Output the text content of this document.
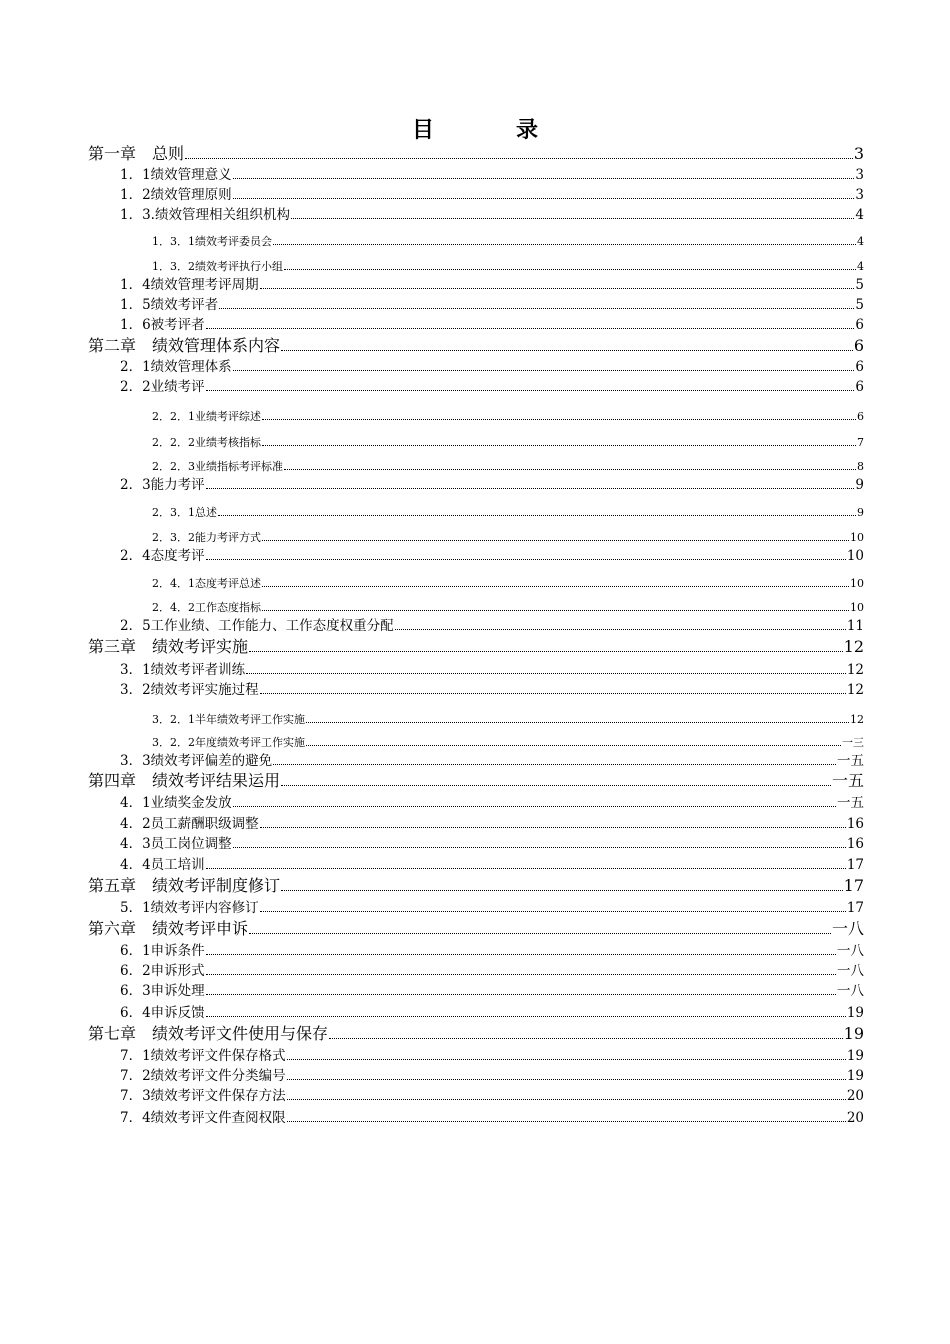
目　录
第一章　总则	3
1．1绩效管理意义	3
1．2绩效管理原则	3
1．3.绩效管理相关组织机构	4
1．3．1绩效考评委员会	4
1．3．2绩效考评执行小组	4
1．4绩效管理考评周期	5
1．5绩效考评者	5
1．6被考评者	6
第二章　绩效管理体系内容	6
2．1绩效管理体系	6
2．2业绩考评	6
2．2．1业绩考评综述	6
2．2．2业绩考核指标	7
2．2．3业绩指标考评标准	8
2．3能力考评	9
2．3．1总述	9
2．3．2能力考评方式	10
2．4态度考评	10
2．4．1态度考评总述	10
2．4．2工作态度指标	10
2．5工作业绩、工作能力、工作态度权重分配	11
第三章　绩效考评实施	12
3．1绩效考评者训练	12
3．2绩效考评实施过程	12
3．2．1半年绩效考评工作实施	12
3．2．2年度绩效考评工作实施	一三
3．3绩效考评偏差的避免	一五
第四章　绩效考评结果运用	一五
4．1业绩奖金发放	一五
4．2员工薪酬职级调整	16
4．3员工岗位调整	16
4．4员工培训	17
第五章　绩效考评制度修订	17
5．1绩效考评内容修订	17
第六章　绩效考评申诉	一八
6．1申诉条件	一八
6．2申诉形式	一八
6．3申诉处理	一八
6．4申诉反馈	19
第七章　绩效考评文件使用与保存	19
7．1绩效考评文件保存格式	19
7．2绩效考评文件分类编号	19
7．3绩效考评文件保存方法	20
7．4绩效考评文件查阅权限	20
